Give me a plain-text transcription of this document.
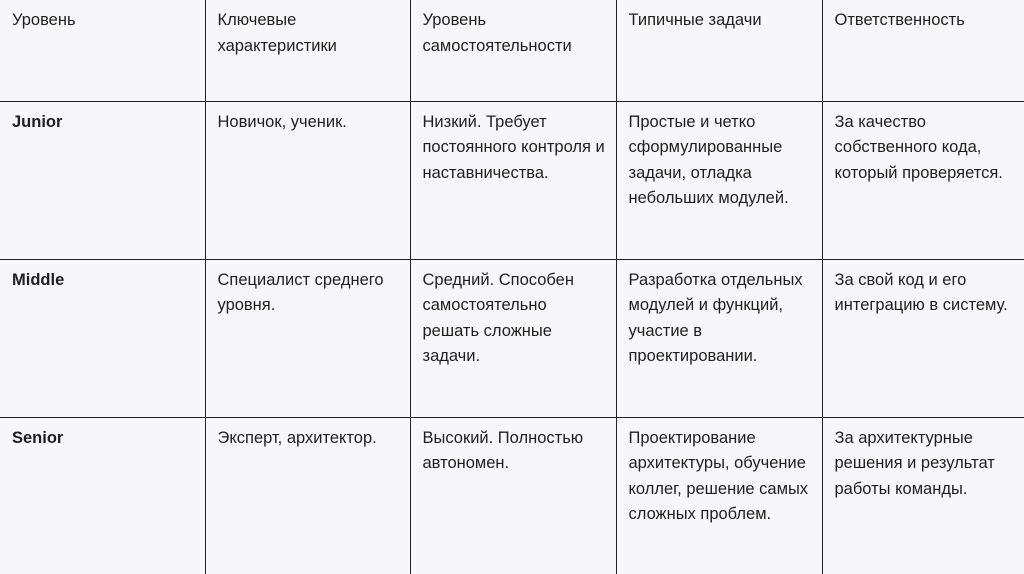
Уровень	Ключевые характеристики	Уровень самостоятельности	Типичные задачи	Ответственность

Junior	Новичок, ученик.	Низкий. Требует постоянного контроля и наставничества.	Простые и четко сформулированные задачи, отладка небольших модулей.	За качество собственного кода, который проверяется.

Middle	Специалист среднего уровня.	Средний. Способен самостоятельно решать сложные задачи.	Разработка отдельных модулей и функций, участие в проектировании.	За свой код и его интеграцию в систему.

Senior	Эксперт, архитектор.	Высокий. Полностью автономен.	Проектирование архитектуры, обучение коллег, решение самых сложных проблем.	За архитектурные решения и результат работы команды.
